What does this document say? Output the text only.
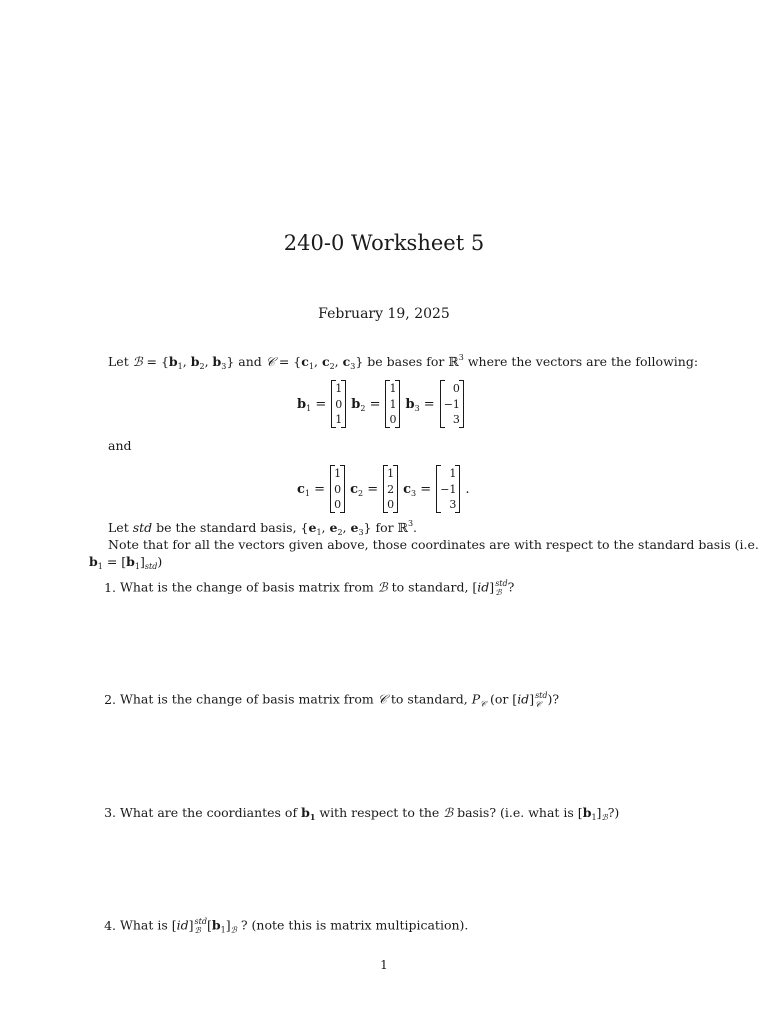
240-0 Worksheet 5
February 19, 2025
Let ℬ = {$b_1$, $b_2$, $b_3$} and 𝒞 = {$c_1$, $c_2$, $c_3$} be bases for ℝ$^3$ where the vectors are the following:
$b_1$ =
1
0
1
$b_2$ =
1
1
0
$b_3$ =
0
−1
3
and
$c_1$ =
1
0
0
$c_2$ =
1
2
0
$c_3$ =
1
−1
3
.
Let std be the standard basis, {$e_1$, $e_2$, $e_3$} for ℝ$^3$.
Note that for all the vectors given above, those coordinates are with respect to the standard basis (i.e.
$b_1 = [b_1]_{std}$)
1. What is the change of basis matrix from ℬ to standard, [id] std
ℬ ?
2. What is the change of basis matrix from 𝒞 to standard, $P_𝒞$ (or [id] std
𝒞 )?
3. What are the coordiantes of $b_1$ with respect to the ℬ basis? (i.e. what is $[b_1]_ℬ$?)
4. What is [id] std
ℬ $[b_1]_ℬ$ ? (note this is matrix multipication).
1
